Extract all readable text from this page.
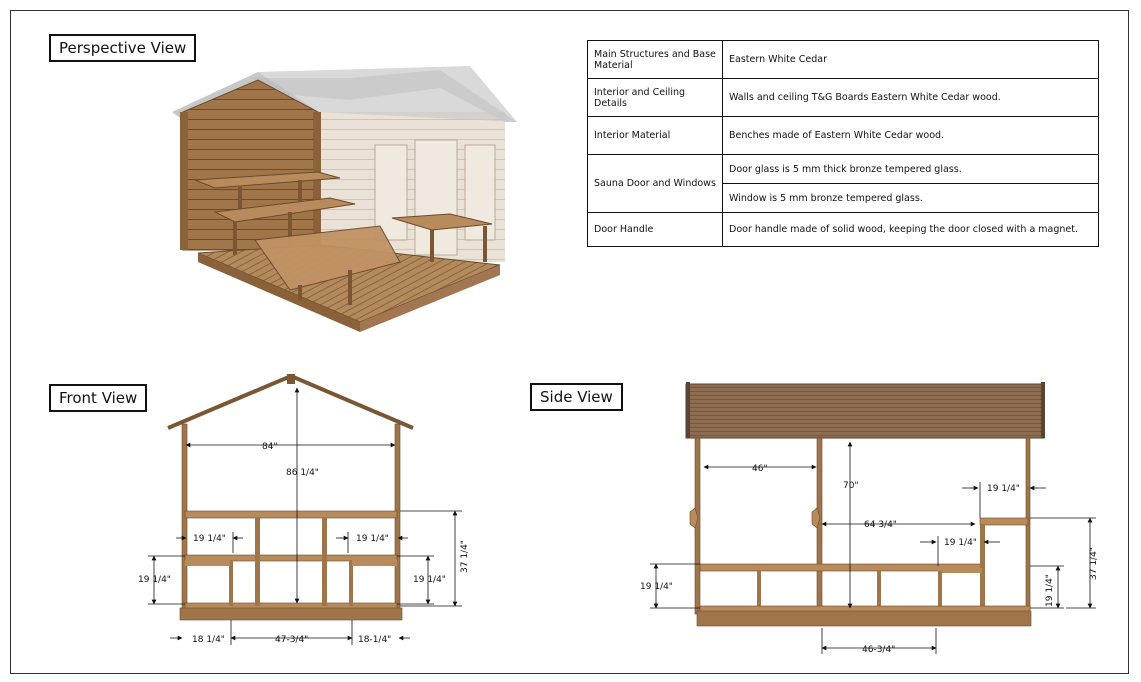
84"
86 1/4"
19 1/4"	19 1/4"
19 1/4"	19 1/4"
37 1/4"
18 1/4"	47-3/4"	18-1/4"
46"
70"	19 1/4"
64 3/4"
19 1/4"
19 1/4"	19 1/4"
37 1/4"
46-3/4"
Perspective View
Front View	Side View
Main Structures and Base Material	Eastern White Cedar
Interior and Ceiling Details	Walls and ceiling T&G Boards Eastern White Cedar wood.
Interior Material	Benches made of Eastern White Cedar wood.
Sauna Door and Windows	Door glass is 5 mm thick bronze tempered glass.
	Window is 5 mm bronze tempered glass.
Door Handle	Door handle made of solid wood, keeping the door closed with a magnet.
